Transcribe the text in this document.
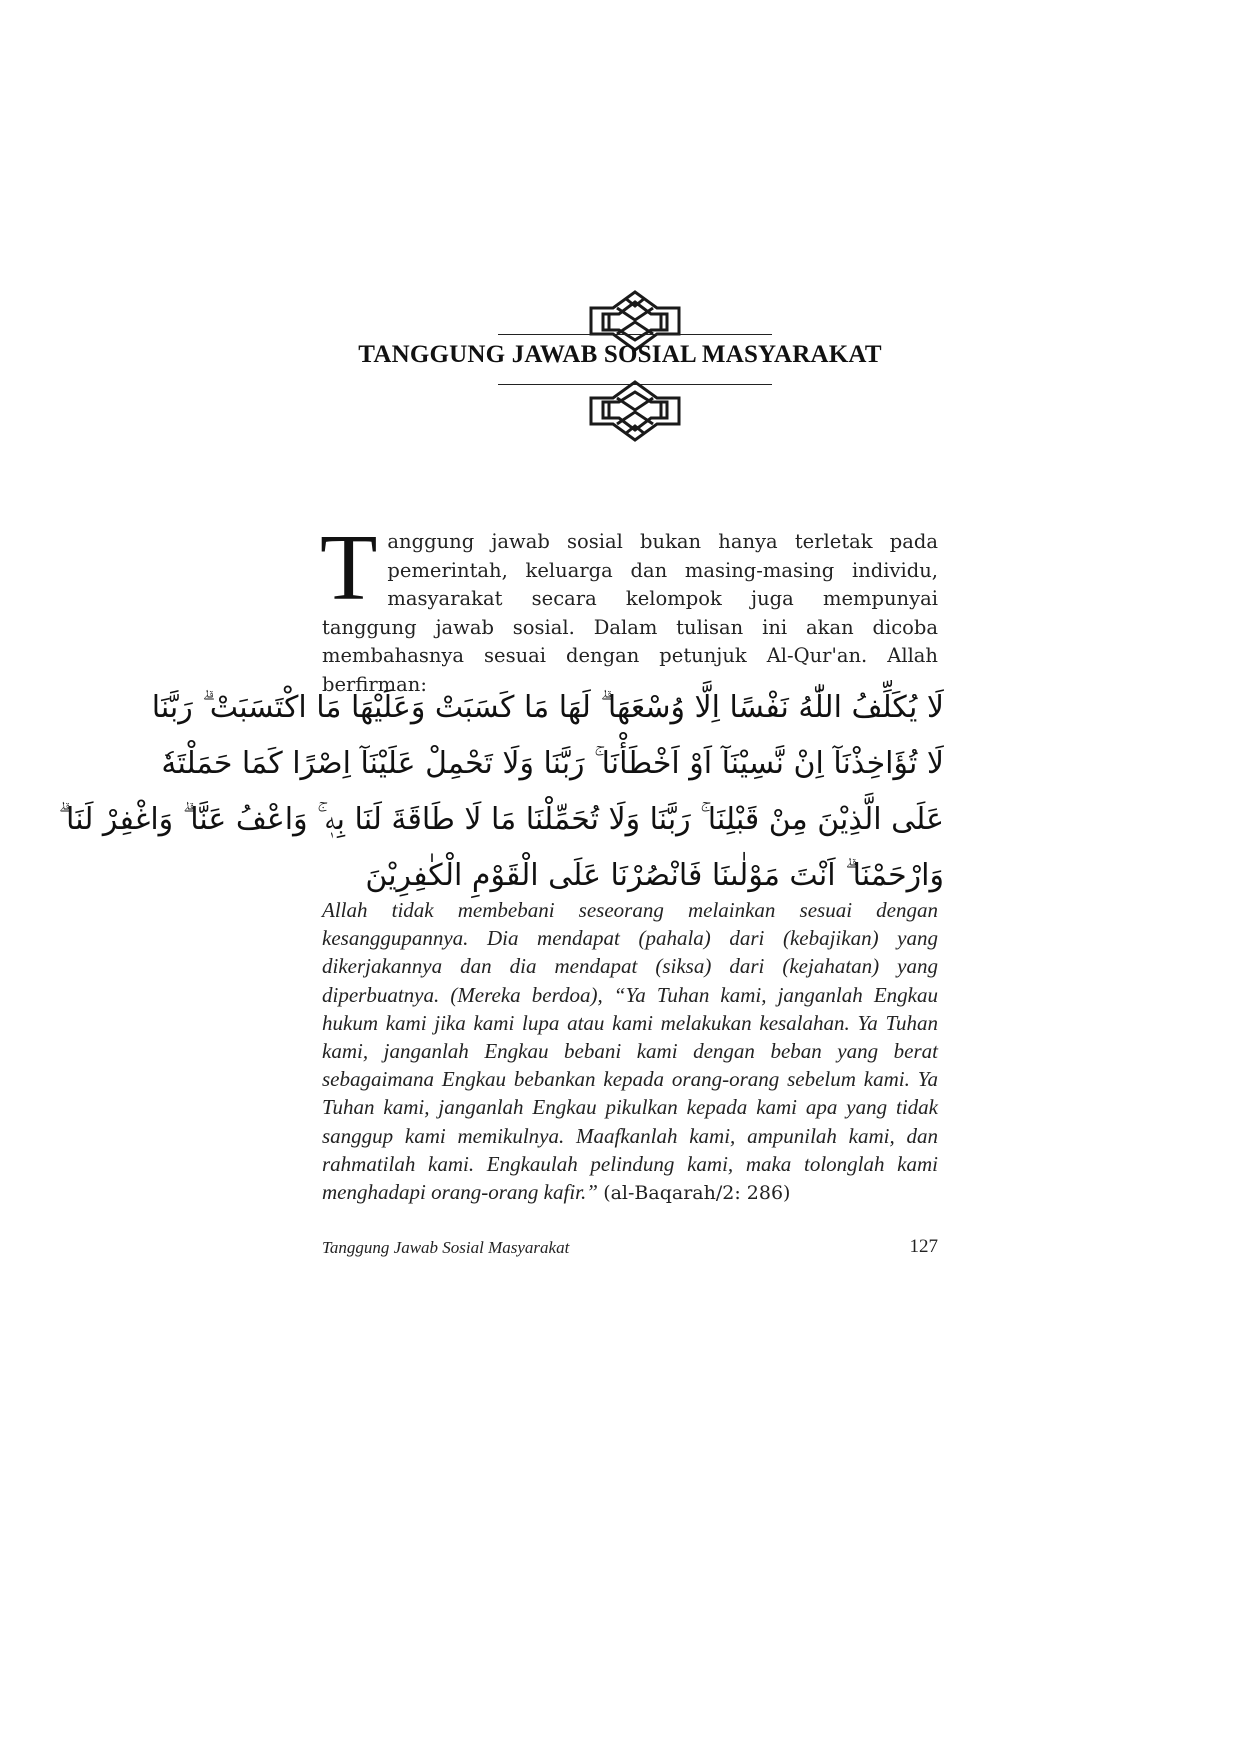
TANGGUNG JAWAB SOSIAL MASYARAKAT
Tanggung jawab sosial bukan hanya terletak pada pemerintah, keluarga dan masing-masing individu, masyarakat secara kelompok juga mempunyai tanggung jawab sosial. Dalam tulisan ini akan dicoba membahasnya sesuai dengan petunjuk Al-Qur'an. Allah berfirman:
لَا يُكَلِّفُ اللّٰهُ نَفْسًا اِلَّا وُسْعَهَا ۗ لَهَا مَا كَسَبَتْ وَعَلَيْهَا مَا اكْتَسَبَتْ ۗ رَبَّنَا
لَا تُؤَاخِذْنَآ اِنْ نَّسِيْنَآ اَوْ اَخْطَأْنَا ۚ رَبَّنَا وَلَا تَحْمِلْ عَلَيْنَآ اِصْرًا كَمَا حَمَلْتَهٗ
عَلَى الَّذِيْنَ مِنْ قَبْلِنَا ۚ رَبَّنَا وَلَا تُحَمِّلْنَا مَا لَا طَاقَةَ لَنَا بِهٖ ۚ وَاعْفُ عَنَّا ۗ وَاغْفِرْ لَنَا ۗ
وَارْحَمْنَا ۗ اَنْتَ مَوْلٰىنَا فَانْصُرْنَا عَلَى الْقَوْمِ الْكٰفِرِيْنَ
Allah tidak membebani seseorang melainkan sesuai dengan kesanggupannya. Dia mendapat (pahala) dari (kebajikan) yang dikerjakannya dan dia mendapat (siksa) dari (kejahatan) yang diperbuatnya. (Mereka berdoa), “Ya Tuhan kami, janganlah Engkau hukum kami jika kami lupa atau kami melakukan kesalahan. Ya Tuhan kami, janganlah Engkau bebani kami dengan beban yang berat sebagaimana Engkau bebankan kepada orang-orang sebelum kami. Ya Tuhan kami, janganlah Engkau pikulkan kepada kami apa yang tidak sanggup kami memikulnya. Maafkanlah kami, ampunilah kami, dan rahmatilah kami. Engkaulah pelindung kami, maka tolonglah kami menghadapi orang-orang kafir.” (al-Baqarah/2: 286)
Tanggung Jawab Sosial Masyarakat	127
